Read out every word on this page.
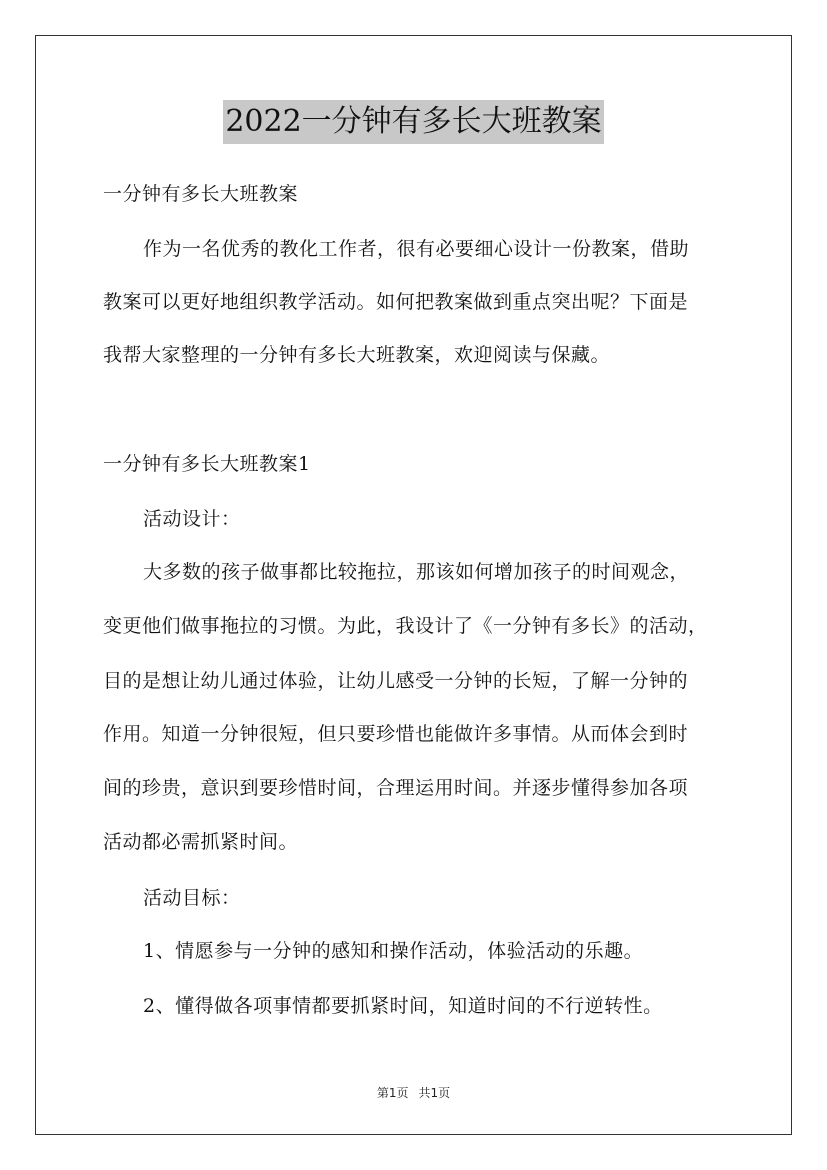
2022一分钟有多长大班教案
一分钟有多长大班教案
作为一名优秀的教化工作者，很有必要细心设计一份教案，借助
教案可以更好地组织教学活动。如何把教案做到重点突出呢？下面是
我帮大家整理的一分钟有多长大班教案，欢迎阅读与保藏。
一分钟有多长大班教案1
活动设计：
大多数的孩子做事都比较拖拉，那该如何增加孩子的时间观念，
变更他们做事拖拉的习惯。为此，我设计了《一分钟有多长》的活动，
目的是想让幼儿通过体验，让幼儿感受一分钟的长短，了解一分钟的
作用。知道一分钟很短，但只要珍惜也能做许多事情。从而体会到时
间的珍贵，意识到要珍惜时间，合理运用时间。并逐步懂得参加各项
活动都必需抓紧时间。
活动目标：
1、情愿参与一分钟的感知和操作活动，体验活动的乐趣。
2、懂得做各项事情都要抓紧时间，知道时间的不行逆转性。
第1页 共1页
